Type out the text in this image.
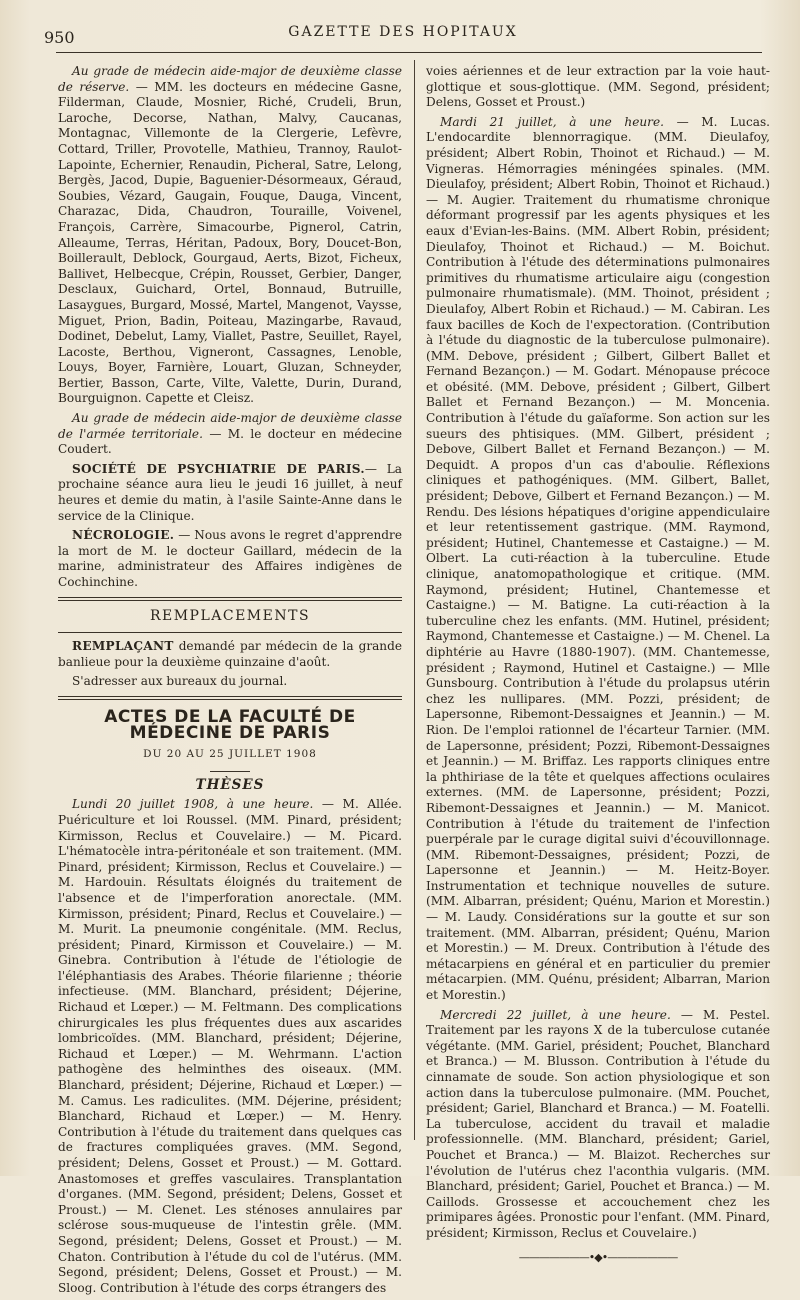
950	GAZETTE DES HOPITAUX

Au grade de médecin aide-major de deuxième classe de réserve. — MM. les docteurs en médecine Gasne, Filderman, Claude, Mosnier, Riché, Crudeli, Brun, Laroche, Decorse, Nathan, Malvy, Caucanas, Montagnac, Villemonte de la Clergerie, Lefèvre, Cottard, Triller, Provotelle, Mathieu, Trannoy, Raulot-Lapointe, Echernier, Renaudin, Picheral, Satre, Lelong, Bergès, Jacod, Dupie, Baguenier-Désormeaux, Géraud, Soubies, Vézard, Gaugain, Fouque, Dauga, Vincent, Charazac, Dida, Chaudron, Touraille, Voivenel, François, Carrère, Simacourbe, Pignerol, Catrin, Alleaume, Terras, Héritan, Padoux, Bory, Doucet-Bon, Boillerault, Deblock, Gourgaud, Aerts, Bizot, Ficheux, Ballivet, Helbecque, Crépin, Rousset, Gerbier, Danger, Desclaux, Guichard, Ortel, Bonnaud, Butruille, Lasaygues, Burgard, Mossé, Martel, Mangenot, Vaysse, Miguet, Prion, Badin, Poiteau, Mazingarbe, Ravaud, Dodinet, Debelut, Lamy, Viallet, Pastre, Seuillet, Rayel, Lacoste, Berthou, Vigneront, Cassagnes, Lenoble, Louys, Boyer, Farnière, Louart, Gluzan, Schneyder, Bertier, Basson, Carte, Vilte, Valette, Durin, Durand, Bourguignon. Capette et Cleisz.

Au grade de médecin aide-major de deuxième classe de l'armée territoriale. — M. le docteur en médecine Coudert.

SOCIÉTÉ DE PSYCHIATRIE DE PARIS.— La prochaine séance aura lieu le jeudi 16 juillet, à neuf heures et demie du matin, à l'asile Sainte-Anne dans le service de la Clinique.

NÉCROLOGIE. — Nous avons le regret d'apprendre la mort de M. le docteur Gaillard, médecin de la marine, administrateur des Affaires indigènes de Cochinchine.

REMPLACEMENTS

REMPLAÇANT demandé par médecin de la grande banlieue pour la deuxième quinzaine d'août.

S'adresser aux bureaux du journal.

ACTES DE LA FACULTÉ DE MÉDECINE DE PARIS
DU 20 AU 25 JUILLET 1908
THÈSES

Lundi 20 juillet 1908, à une heure. — M. Allée. Puériculture et loi Roussel. (MM. Pinard, président; Kirmisson, Reclus et Couvelaire.) — M. Picard. L'hématocèle intra-péritonéale et son traitement. (MM. Pinard, président; Kirmisson, Reclus et Couvelaire.) — M. Hardouin. Résultats éloignés du traitement de l'absence et de l'imperforation anorectale. (MM. Kirmisson, président; Pinard, Reclus et Couvelaire.) — M. Murit. La pneumonie congénitale. (MM. Reclus, président; Pinard, Kirmisson et Couvelaire.) — M. Ginebra. Contribution à l'étude de l'étiologie de l'éléphantiasis des Arabes. Théorie filarienne ; théorie infectieuse. (MM. Blanchard, président; Déjerine, Richaud et Lœper.) — M. Feltmann. Des complications chirurgicales les plus fréquentes dues aux ascarides lombricoïdes. (MM. Blanchard, président; Déjerine, Richaud et Lœper.) — M. Wehrmann. L'action pathogène des helminthes des oiseaux. (MM. Blanchard, président; Déjerine, Richaud et Lœper.) — M. Camus. Les radiculites. (MM. Déjerine, président; Blanchard, Richaud et Lœper.) — M. Henry. Contribution à l'étude du traitement dans quelques cas de fractures compliquées graves. (MM. Segond, président; Delens, Gosset et Proust.) — M. Gottard. Anastomoses et greffes vasculaires. Transplantation d'organes. (MM. Segond, président; Delens, Gosset et Proust.) — M. Clenet. Les sténoses annulaires par sclérose sous-muqueuse de l'intestin grêle. (MM. Segond, président; Delens, Gosset et Proust.) — M. Chaton. Contribution à l'étude du col de l'utérus. (MM. Segond, président; Delens, Gosset et Proust.) — M. Sloog. Contribution à l'étude des corps étrangers des

voies aériennes et de leur extraction par la voie haut-glottique et sous-glottique. (MM. Segond, président; Delens, Gosset et Proust.)

Mardi 21 juillet, à une heure. — M. Lucas. L'endocardite blennorragique. (MM. Dieulafoy, président; Albert Robin, Thoinot et Richaud.) — M. Vigneras. Hémorragies méningées spinales. (MM. Dieulafoy, président; Albert Robin, Thoinot et Richaud.) — M. Augier. Traitement du rhumatisme chronique déformant progressif par les agents physiques et les eaux d'Evian-les-Bains. (MM. Albert Robin, président; Dieulafoy, Thoinot et Richaud.) — M. Boichut. Contribution à l'étude des déterminations pulmonaires primitives du rhumatisme articulaire aigu (congestion pulmonaire rhumatismale). (MM. Thoinot, président ; Dieulafoy, Albert Robin et Richaud.) — M. Cabiran. Les faux bacilles de Koch de l'expectoration. (Contribution à l'étude du diagnostic de la tuberculose pulmonaire). (MM. Debove, président ; Gilbert, Gilbert Ballet et Fernand Bezançon.) — M. Godart. Ménopause précoce et obésité. (MM. Debove, président ; Gilbert, Gilbert Ballet et Fernand Bezançon.) — M. Moncenia. Contribution à l'étude du gaïaforme. Son action sur les sueurs des phtisiques. (MM. Gilbert, président ; Debove, Gilbert Ballet et Fernand Bezançon.) — M. Dequidt. A propos d'un cas d'aboulie. Réflexions cliniques et pathogéniques. (MM. Gilbert, Ballet, président; Debove, Gilbert et Fernand Bezançon.) — M. Rendu. Des lésions hépatiques d'origine appendiculaire et leur retentissement gastrique. (MM. Raymond, président; Hutinel, Chantemesse et Castaigne.) — M. Olbert. La cuti-réaction à la tuberculine. Etude clinique, anatomopathologique et critique. (MM. Raymond, président; Hutinel, Chantemesse et Castaigne.) — M. Batigne. La cuti-réaction à la tuberculine chez les enfants. (MM. Hutinel, président; Raymond, Chantemesse et Castaigne.) — M. Chenel. La diphtérie au Havre (1880-1907). (MM. Chantemesse, président ; Raymond, Hutinel et Castaigne.) — Mlle Gunsbourg. Contribution à l'étude du prolapsus utérin chez les nullipares. (MM. Pozzi, président; de Lapersonne, Ribemont-Dessaignes et Jeannin.) — M. Rion. De l'emploi rationnel de l'écarteur Tarnier. (MM. de Lapersonne, président; Pozzi, Ribemont-Dessaignes et Jeannin.) — M. Briffaz. Les rapports cliniques entre la phthiriase de la tête et quelques affections oculaires externes. (MM. de Lapersonne, président; Pozzi, Ribemont-Dessaignes et Jeannin.) — M. Manicot. Contribution à l'étude du traitement de l'infection puerpérale par le curage digital suivi d'écouvillonnage. (MM. Ribemont-Dessaignes, président; Pozzi, de Lapersonne et Jeannin.) — M. Heitz-Boyer. Instrumentation et technique nouvelles de suture. (MM. Albarran, président; Quénu, Marion et Morestin.) — M. Laudy. Considérations sur la goutte et sur son traitement. (MM. Albarran, président; Quénu, Marion et Morestin.) — M. Dreux. Contribution à l'étude des métacarpiens en général et en particulier du premier métacarpien. (MM. Quénu, président; Albarran, Marion et Morestin.)

Mercredi 22 juillet, à une heure. — M. Pestel. Traitement par les rayons X de la tuberculose cutanée végétante. (MM. Gariel, président; Pouchet, Blanchard et Branca.) — M. Blusson. Contribution à l'étude du cinnamate de soude. Son action physiologique et son action dans la tuberculose pulmonaire. (MM. Pouchet, président; Gariel, Blanchard et Branca.) — M. Foatelli. La tuberculose, accident du travail et maladie professionnelle. (MM. Blanchard, président; Gariel, Pouchet et Branca.) — M. Blaizot. Recherches sur l'évolution de l'utérus chez l'aconthia vulgaris. (MM. Blanchard, président; Gariel, Pouchet et Branca.) — M. Caillods. Grossesse et accouchement chez les primipares âgées. Pronostic pour l'enfant. (MM. Pinard, président; Kirmisson, Reclus et Couvelaire.)

———————•◆•———————
